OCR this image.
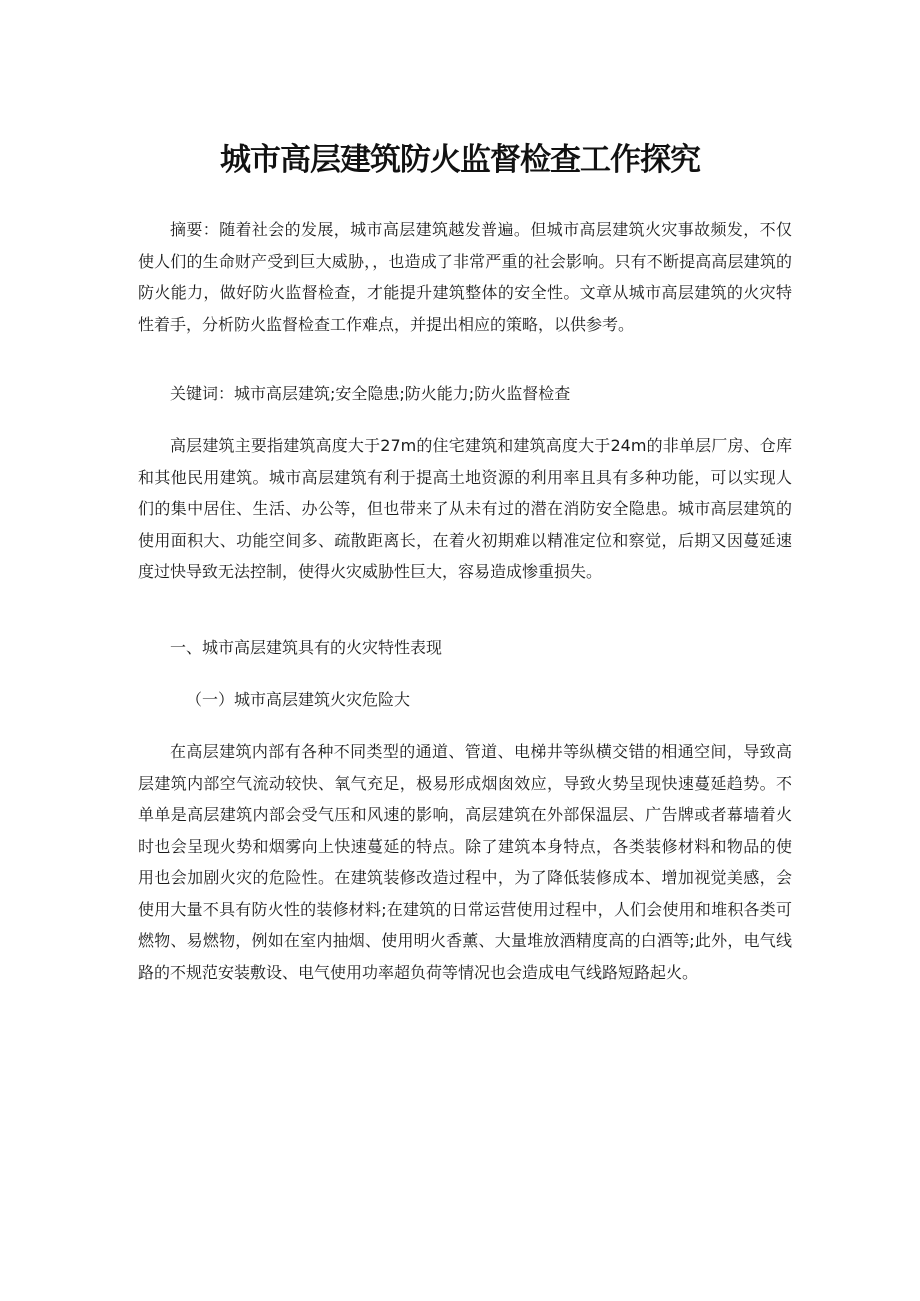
城市高层建筑防火监督检查工作探究

摘要：随着社会的发展，城市高层建筑越发普遍。但城市高层建筑火灾事故频发，不仅使人们的生命财产受到巨大威胁，，也造成了非常严重的社会影响。只有不断提高高层建筑的防火能力，做好防火监督检查，才能提升建筑整体的安全性。文章从城市高层建筑的火灾特性着手，分析防火监督检查工作难点，并提出相应的策略，以供参考。

关键词：城市高层建筑;安全隐患;防火能力;防火监督检查

高层建筑主要指建筑高度大于27m的住宅建筑和建筑高度大于24m的非单层厂房、仓库和其他民用建筑。城市高层建筑有利于提高土地资源的利用率且具有多种功能，可以实现人们的集中居住、生活、办公等，但也带来了从未有过的潜在消防安全隐患。城市高层建筑的使用面积大、功能空间多、疏散距离长，在着火初期难以精准定位和察觉，后期又因蔓延速度过快导致无法控制，使得火灾威胁性巨大，容易造成惨重损失。

一、城市高层建筑具有的火灾特性表现

（一）城市高层建筑火灾危险大

在高层建筑内部有各种不同类型的通道、管道、电梯井等纵横交错的相通空间，导致高层建筑内部空气流动较快、氧气充足，极易形成烟囱效应，导致火势呈现快速蔓延趋势。不单单是高层建筑内部会受气压和风速的影响，高层建筑在外部保温层、广告牌或者幕墙着火时也会呈现火势和烟雾向上快速蔓延的特点。除了建筑本身特点，各类装修材料和物品的使用也会加剧火灾的危险性。在建筑装修改造过程中，为了降低装修成本、增加视觉美感，会使用大量不具有防火性的装修材料;在建筑的日常运营使用过程中，人们会使用和堆积各类可燃物、易燃物，例如在室内抽烟、使用明火香薰、大量堆放酒精度高的白酒等;此外，电气线路的不规范安装敷设、电气使用功率超负荷等情况也会造成电气线路短路起火。
